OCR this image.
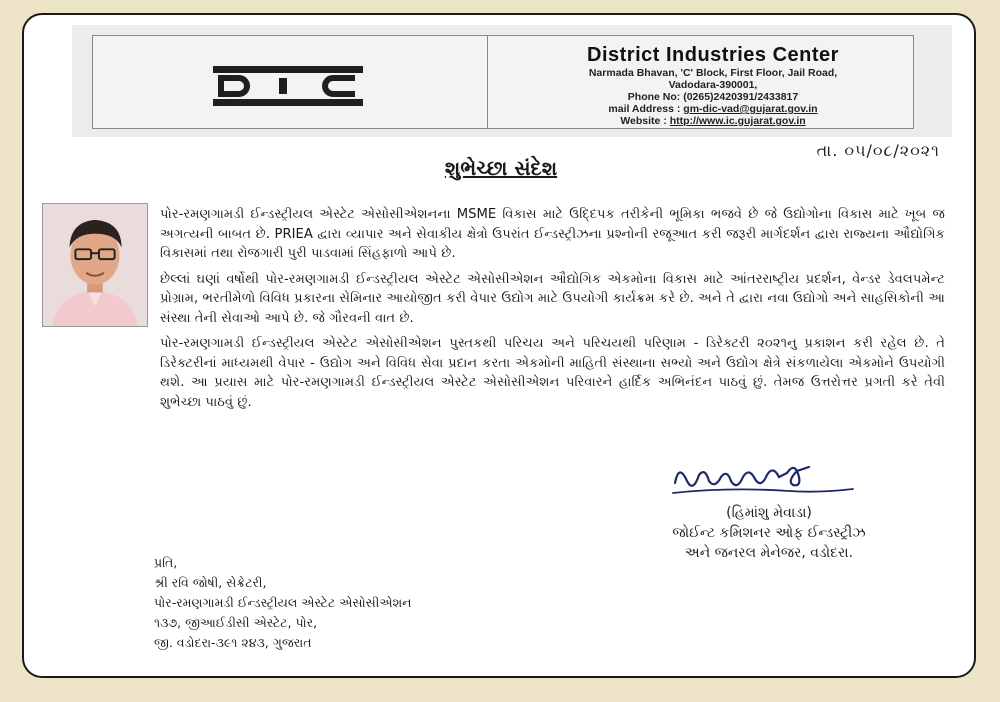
District Industries Center
Narmada Bhavan, 'C' Block, First Floor, Jail Road,
Vadodara-390001,
Phone No: (0265)2420391/2433817
mail Address : gm-dic-vad@gujarat.gov.in
Website : http://www.ic.gujarat.gov.in
તા. ૦૫/૦૮/૨૦૨૧
શુભેચ્છા સંદેશ

પોર-રમણગામડી ઈન્ડસ્ટ્રીયલ એસ્ટેટ એસોસીએશનના MSME વિકાસ માટે ઉદ્દિપક તરીકેની ભૂમિકા ભજવે છે જે ઉદ્યોગોના વિકાસ માટે ખૂબ જ અગત્યની બાબત છે. PRIEA દ્વારા વ્યાપાર અને સેવાકીય ક્ષેત્રો ઉપરાંત ઈન્ડસ્ટ્રીઝના પ્રશ્નોની રજૂઆત કરી જરૂરી માર્ગદર્શન દ્વારા રાજ્યના ઔદ્યોગિક વિકાસમાં તથા રોજગારી પુરી પાડવામાં સિંહફાળો આપે છે.

છેલ્લાં ઘણાં વર્ષોથી પોર-રમણગામડી ઈન્ડસ્ટ્રીયલ એસ્ટેટ એસોસીએશન ઔદ્યોગિક એકમોના વિકાસ માટે આંતરરાષ્ટ્રીય પ્રદર્શન, વેન્ડર ડેવલપમેન્ટ પ્રોગ્રામ, ભરતીમેળો વિવિધ પ્રકારના સેમિનાર આયોજીત કરી વેપાર ઉદ્યોગ માટે ઉપયોગી કાર્યક્રમ કરે છે. અને તે દ્વારા નવા ઉદ્યોગો અને સાહસિકોની આ સંસ્થા તેની સેવાઓ આપે છે. જે ગૌરવની વાત છે.

પોર-રમણગામડી ઈન્ડસ્ટ્રીયલ એસ્ટેટ એસોસીએશન પુસ્તકથી પરિચય અને પરિચયથી પરિણામ - ડિરેક્ટરી ૨૦૨૧નુ પ્રકાશન કરી રહેલ છે. તે ડિરેક્ટરીનાં માધ્યમથી વેપાર - ઉદ્યોગ અને વિવિધ સેવા પ્રદાન કરતા એકમોની માહિતી સંસ્થાના સભ્યો અને ઉદ્યોગ ક્ષેત્રે સંકળાયેલા એકમોને ઉપયોગી થશે. આ પ્રયાસ માટે પોર-રમણગામડી ઈન્ડસ્ટ્રીયલ એસ્ટેટ એસોસીએશન પરિવારને હાર્દિક અભિનંદન પાઠવું છું. તેમજ ઉત્તરોત્તર પ્રગતી કરે તેવી શુભેચ્છા પાઠવું છું.

(હિમાંશુ મેવાડા)
જોઈન્ટ કમિશનર ઓફ ઈન્ડસ્ટ્રીઝ
અને જનરલ મેનેજર, વડોદરા.
પ્રતિ,
શ્રી રવિ જોષી, સેક્રેટરી,
પોર-રમણગામડી ઈન્ડસ્ટ્રીયલ એસ્ટેટ એસોસીએશન
૧૩૭, જીઆઈડીસી એસ્ટેટ, પોર,
જી. વડોદરા-૩૯૧ ૨૪૩, ગુજરાત
